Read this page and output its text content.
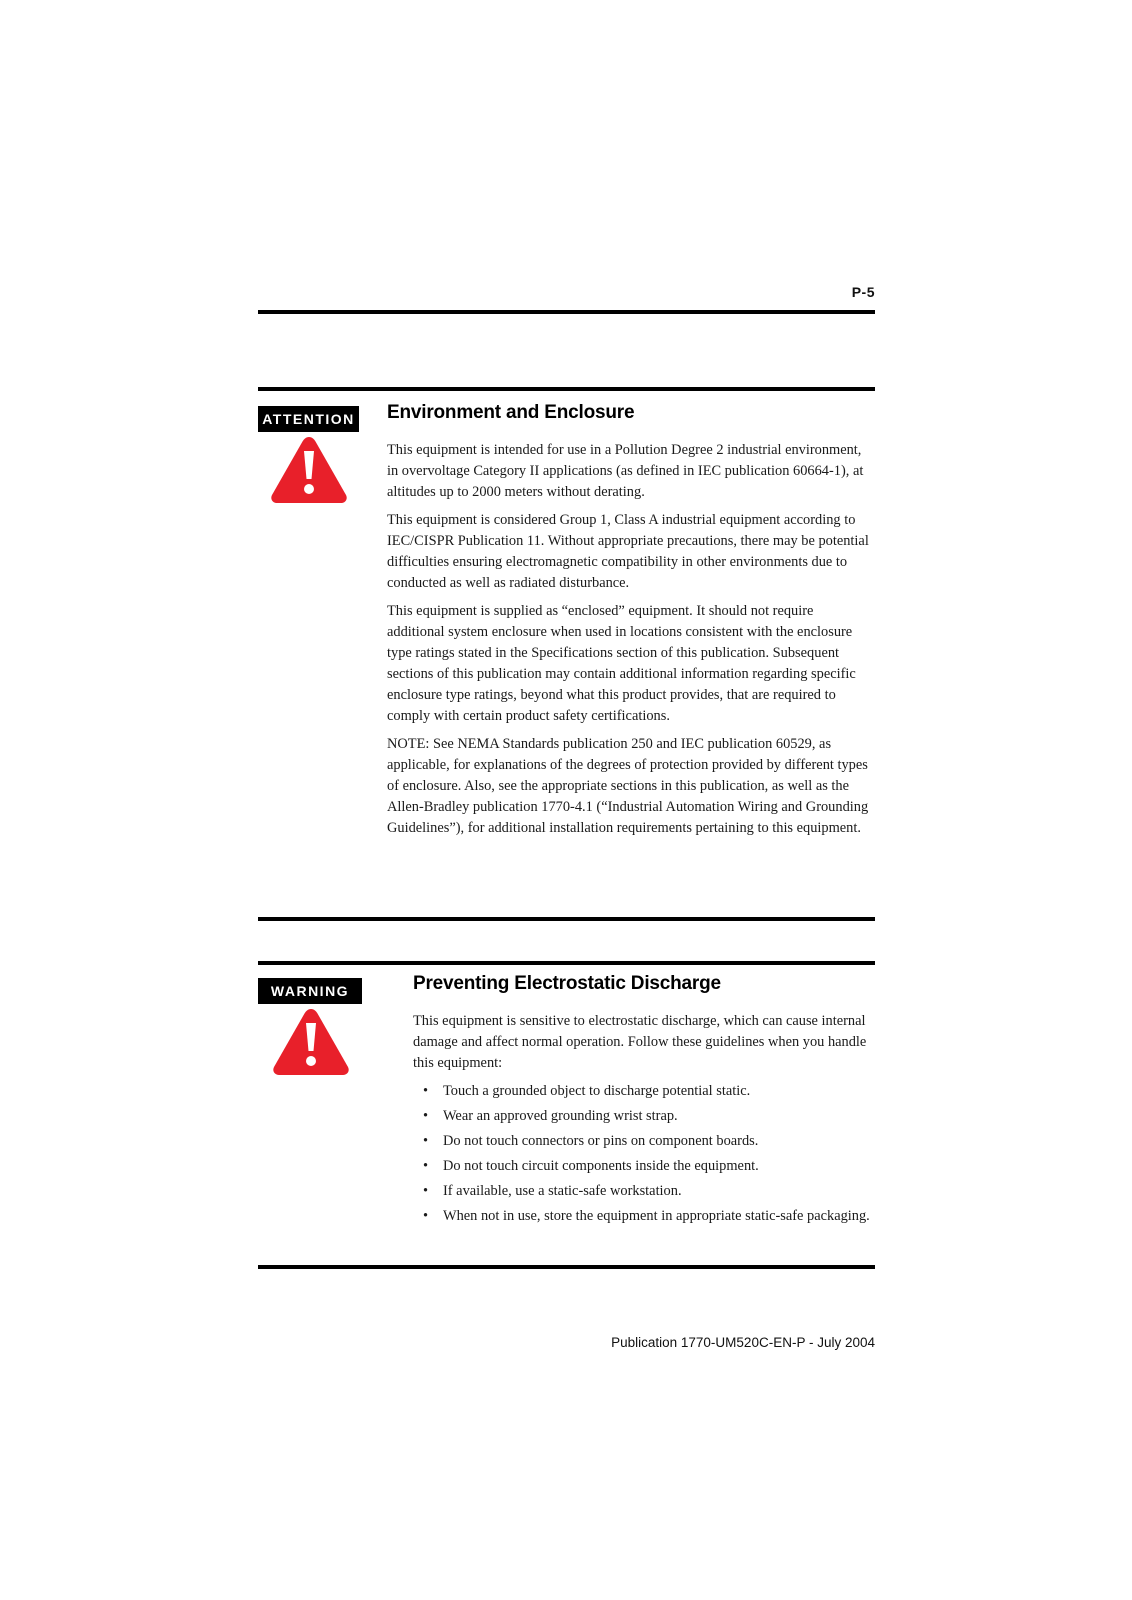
P-5
ATTENTION Environment and Enclosure

This equipment is intended for use in a Pollution Degree 2 industrial environment, in overvoltage Category II applications (as defined in IEC publication 60664-1), at altitudes up to 2000 meters without derating.

This equipment is considered Group 1, Class A industrial equipment according to IEC/CISPR Publication 11. Without appropriate precautions, there may be potential difficulties ensuring electromagnetic compatibility in other environments due to conducted as well as radiated disturbance.

This equipment is supplied as “enclosed” equipment. It should not require additional system enclosure when used in locations consistent with the enclosure type ratings stated in the Specifications section of this publication. Subsequent sections of this publication may contain additional information regarding specific enclosure type ratings, beyond what this product provides, that are required to comply with certain product safety certifications.

NOTE: See NEMA Standards publication 250 and IEC publication 60529, as applicable, for explanations of the degrees of protection provided by different types of enclosure. Also, see the appropriate sections in this publication, as well as the Allen-Bradley publication 1770-4.1 (“Industrial Automation Wiring and Grounding Guidelines”), for additional installation requirements pertaining to this equipment.

WARNING	Preventing Electrostatic Discharge

This equipment is sensitive to electrostatic discharge, which can cause internal damage and affect normal operation. Follow these guidelines when you handle this equipment:

• Touch a grounded object to discharge potential static.
• Wear an approved grounding wrist strap.
• Do not touch connectors or pins on component boards.
• Do not touch circuit components inside the equipment.
• If available, use a static-safe workstation.
• When not in use, store the equipment in appropriate static-safe packaging.
Publication 1770-UM520C-EN-P - July 2004
